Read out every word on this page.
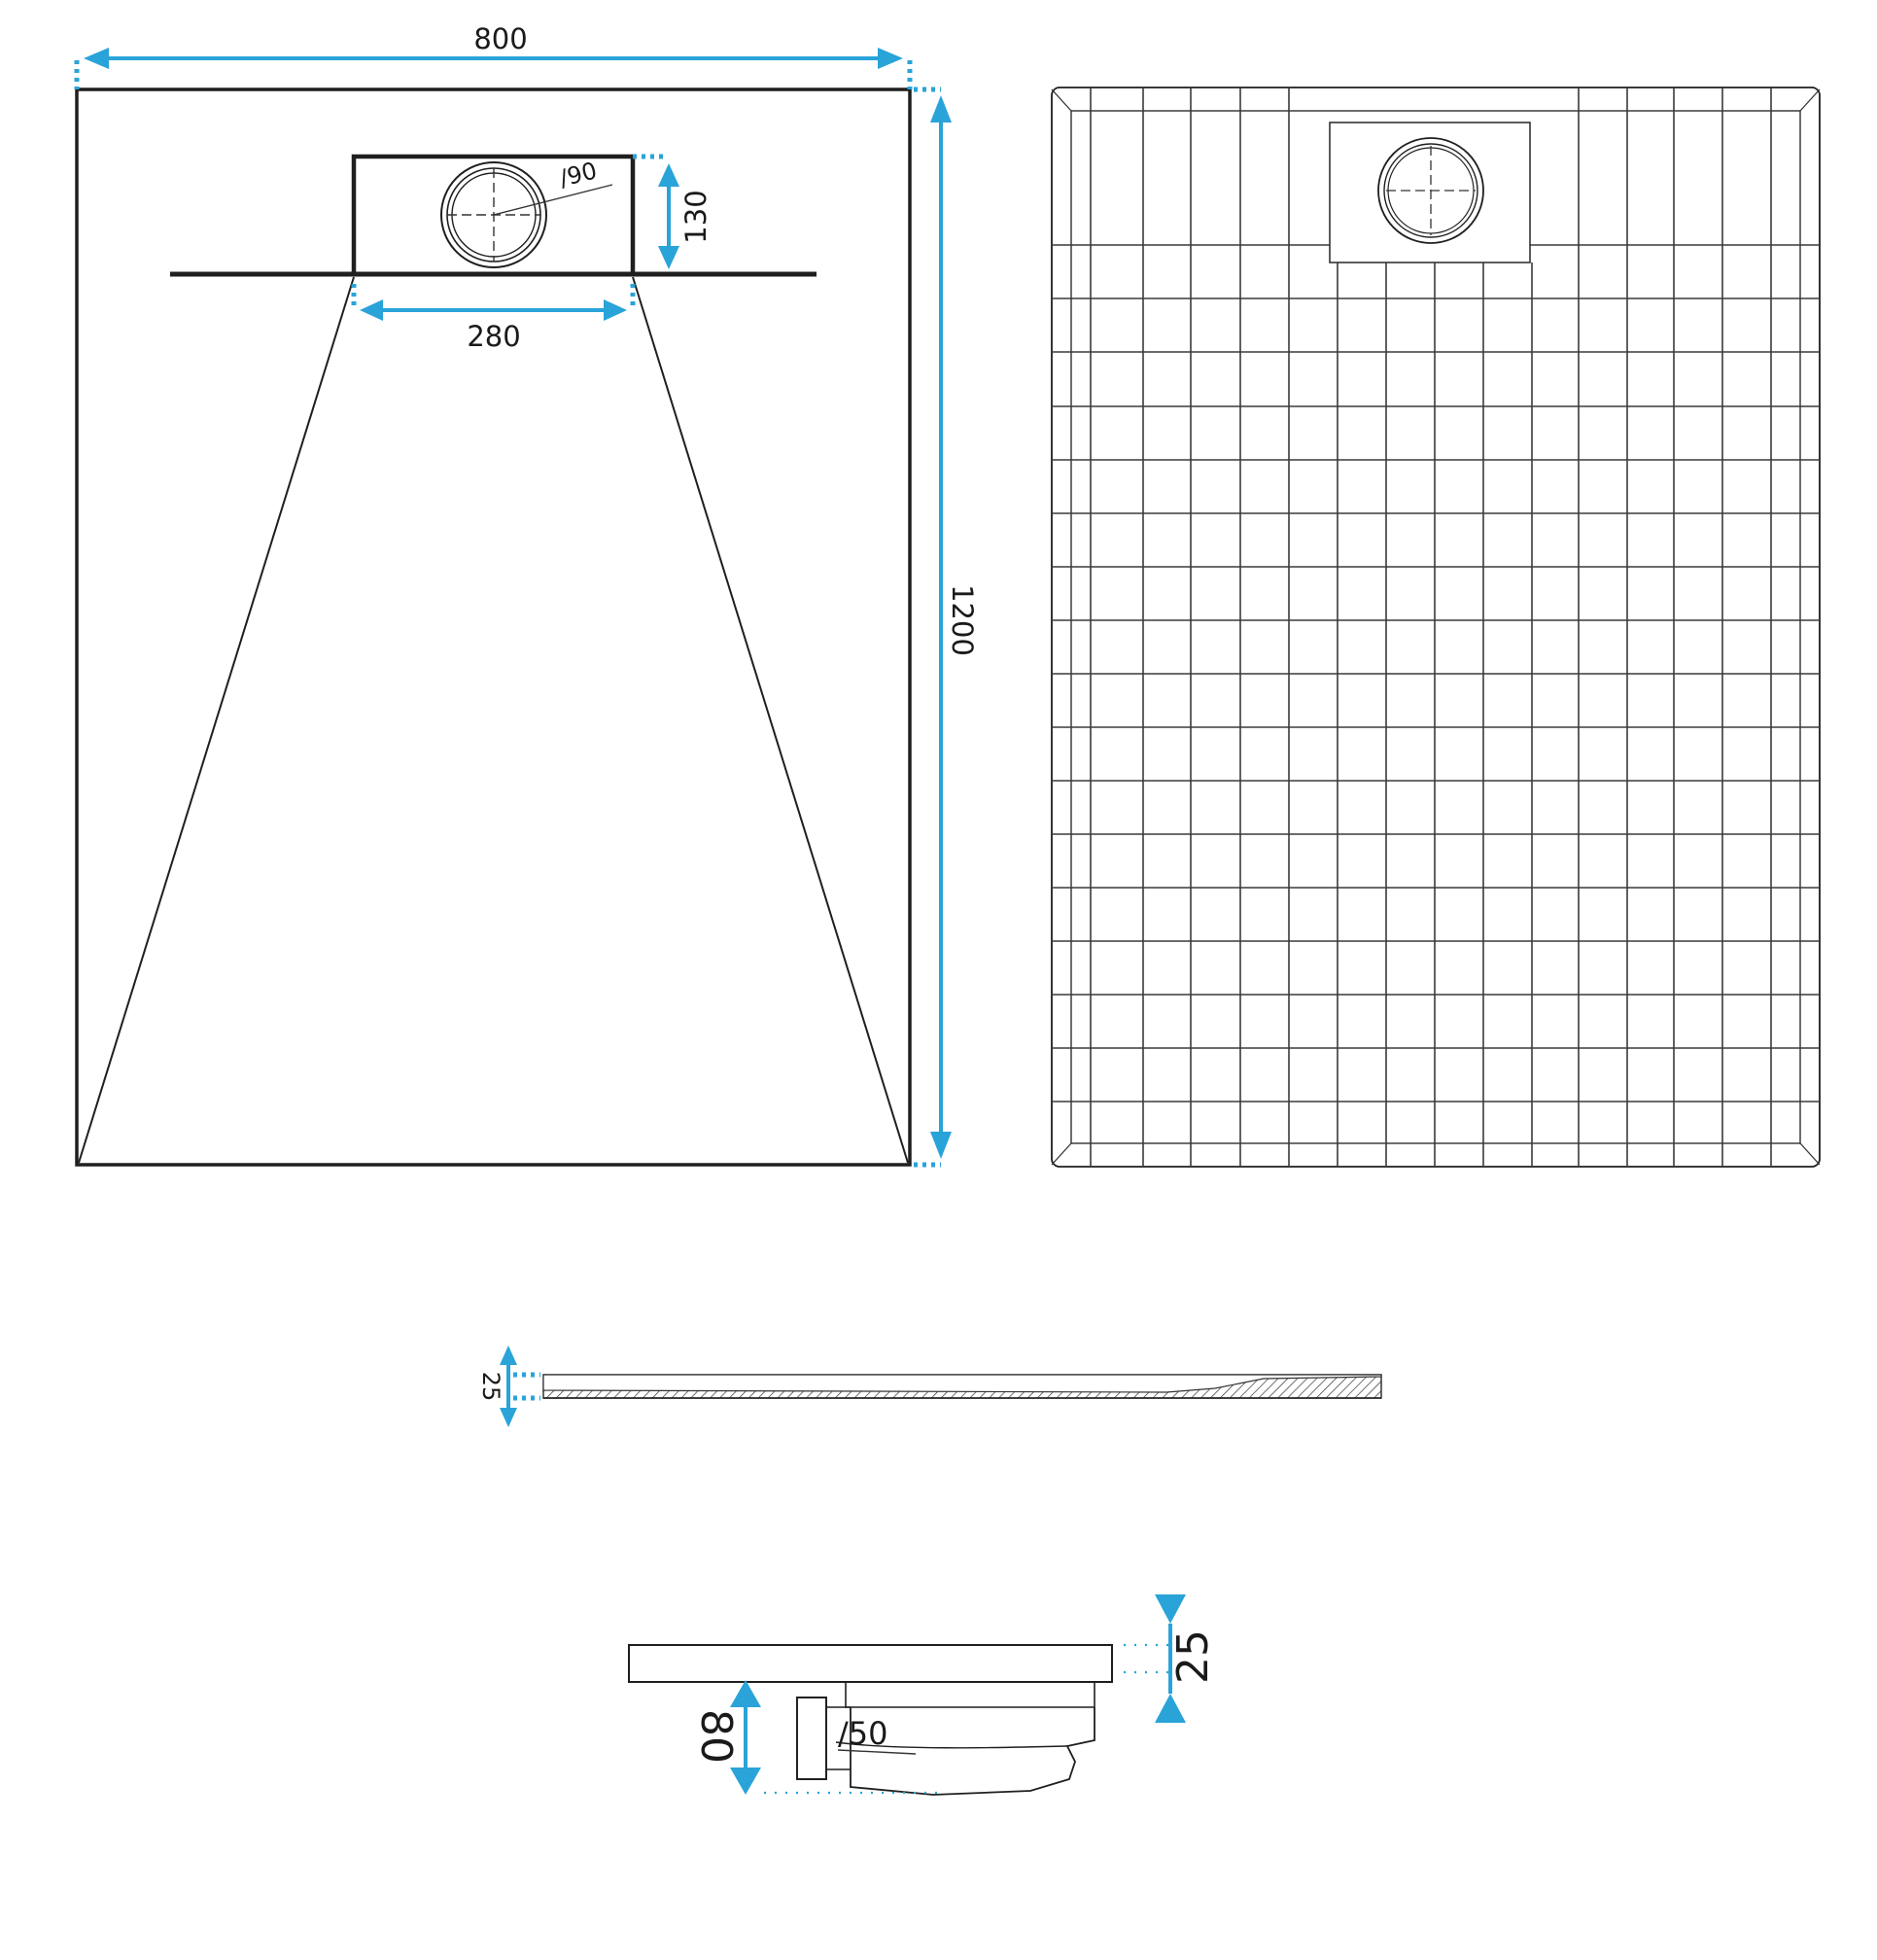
∕90
800
1200
130
280
25
∕50
80
25
